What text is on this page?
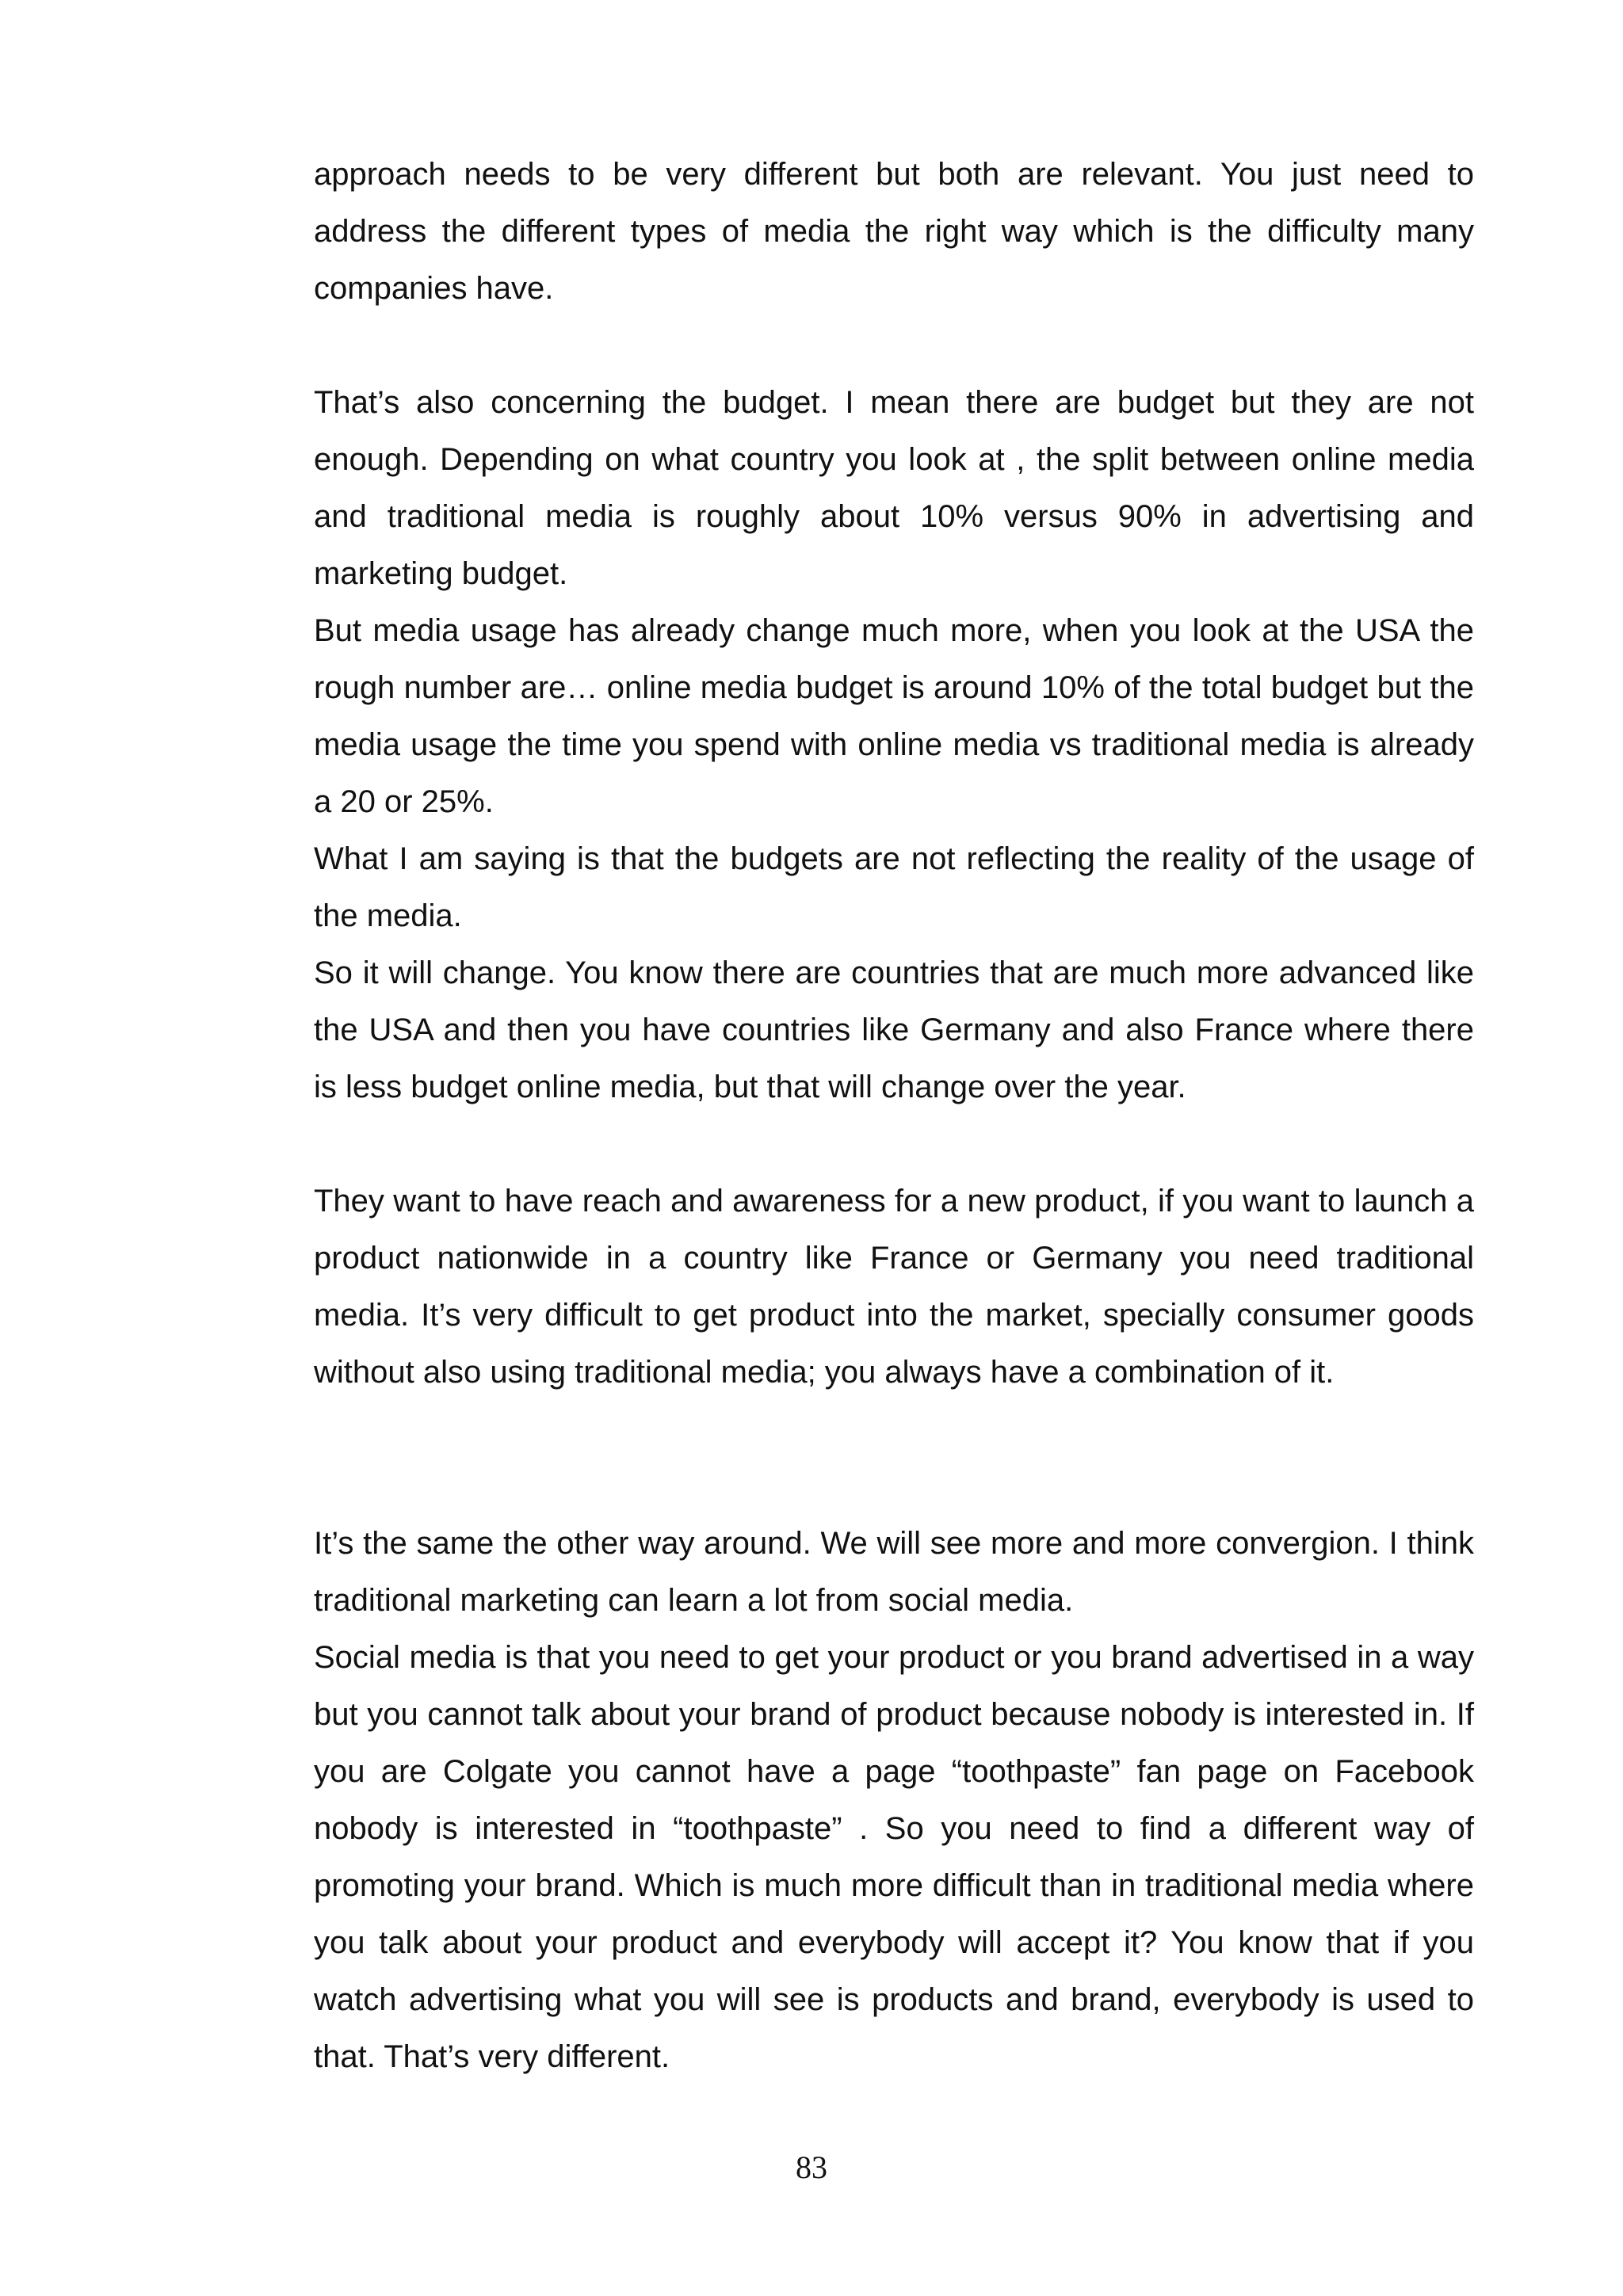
approach needs to be very different but both are relevant. You just need to address the different types of media the right way which is the difficulty many companies have.

That’s also concerning the budget. I mean there are budget but they are not enough. Depending on what country you look at , the split between online media and traditional media is roughly about 10% versus 90% in advertising and marketing budget.

But media usage has already change much more, when you look at the USA the rough number are… online media budget is around 10% of the total budget but the media usage the time you spend with online media vs traditional media is already a 20 or 25%.

What I am saying is that the budgets are not reflecting the reality of the usage of the media.

So it will change. You know there are countries that are much more advanced like the USA and then you have countries like Germany and also France where there is less budget online media, but that will change over the year.

They want to have reach and awareness for a new product, if you want to launch a product nationwide in a country like France or Germany you need traditional media. It’s very difficult to get product into the market, specially consumer goods without also using traditional media; you always have a combination of it.

It’s the same the other way around. We will see more and more convergion. I think traditional marketing can learn a lot from social media.

Social media is that you need to get your product or you brand advertised in a way but you cannot talk about your brand of product because nobody is interested in. If you are Colgate you cannot have a page “toothpaste” fan page on Facebook nobody is interested in “toothpaste” . So you need to find a different way of promoting your brand. Which is much more difficult than in traditional media where you talk about your product and everybody will accept it? You know that if you watch advertising what you will see is products and brand, everybody is used to that. That’s very different.

83
